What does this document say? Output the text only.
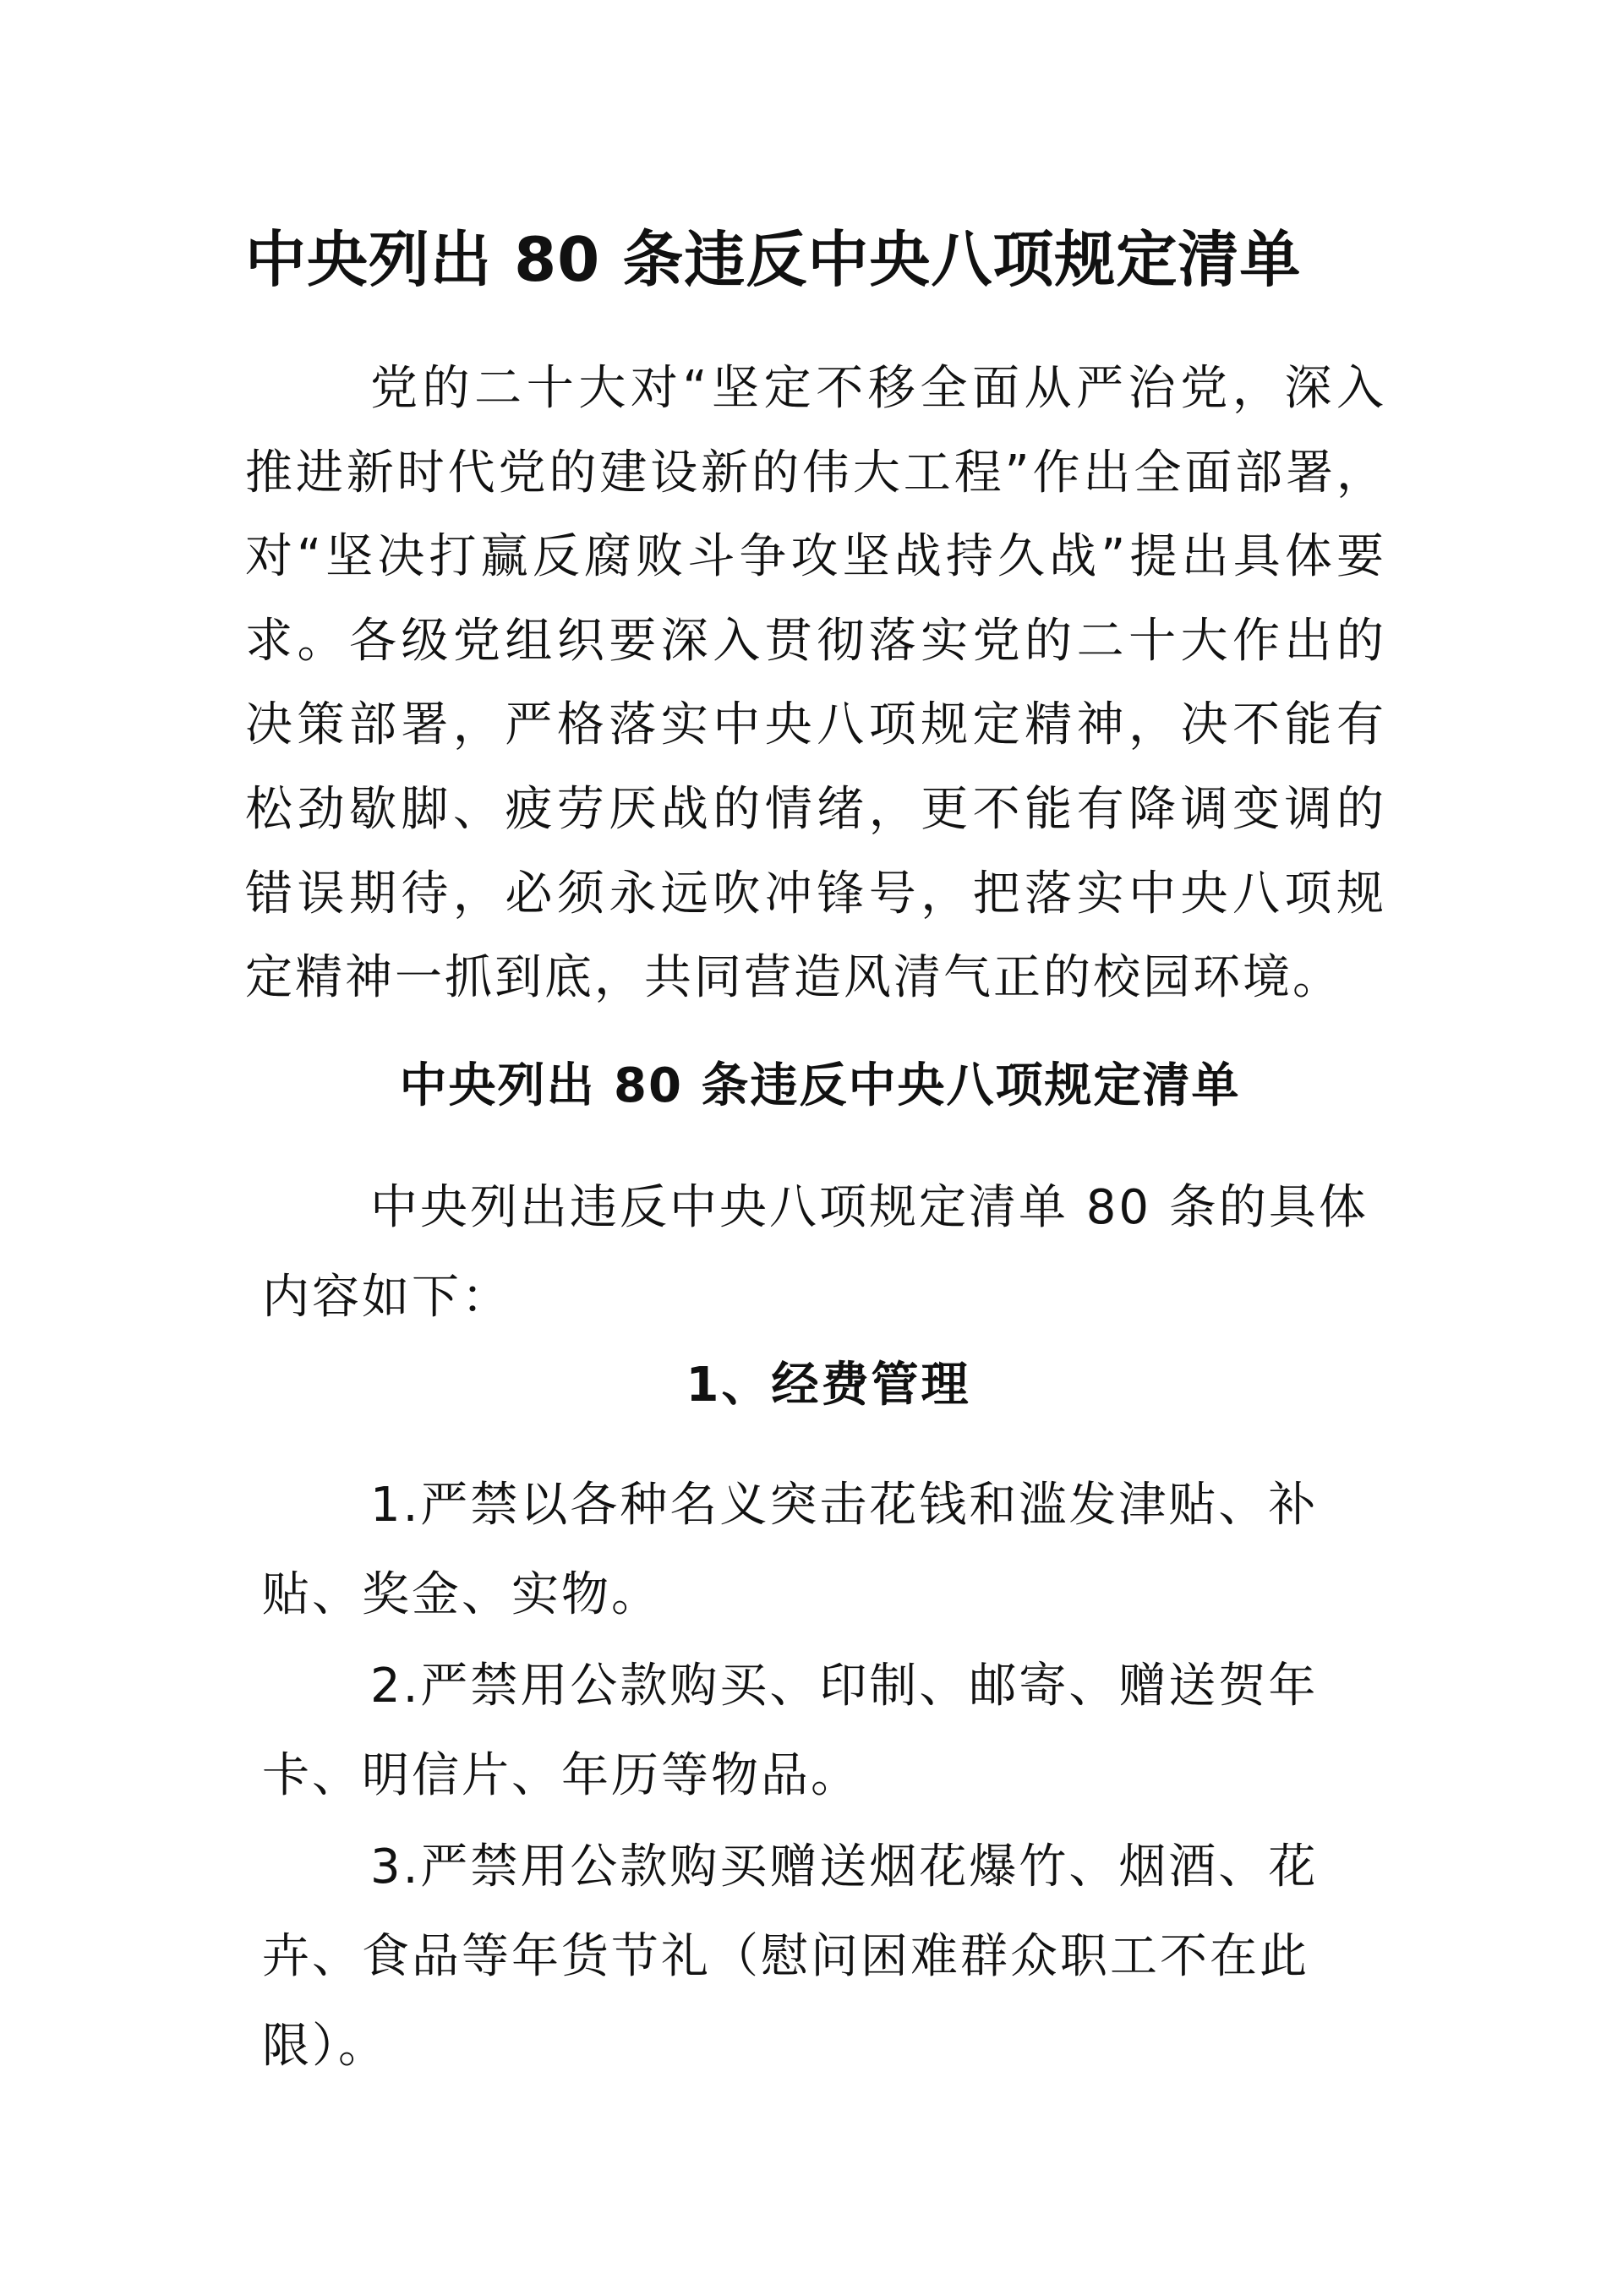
中央列出 80 条违反中央八项规定清单

党的二十大对“坚定不移全面从严治党，深入推进新时代党的建设新的伟大工程”作出全面部署，对“坚决打赢反腐败斗争攻坚战持久战”提出具体要求。各级党组织要深入贯彻落实党的二十大作出的决策部署，严格落实中央八项规定精神，决不能有松劲歇脚、疲劳厌战的情绪，更不能有降调变调的错误期待，必须永远吹冲锋号，把落实中央八项规定精神一抓到底，共同营造风清气正的校园环境。

中央列出 80 条违反中央八项规定清单

中央列出违反中央八项规定清单 80 条的具体内容如下：

1、经费管理

1.严禁以各种名义突击花钱和滥发津贴、补贴、奖金、实物。

2.严禁用公款购买、印制、邮寄、赠送贺年卡、明信片、年历等物品。

3.严禁用公款购买赠送烟花爆竹、烟酒、花卉、食品等年货节礼（慰问困难群众职工不在此限）。
